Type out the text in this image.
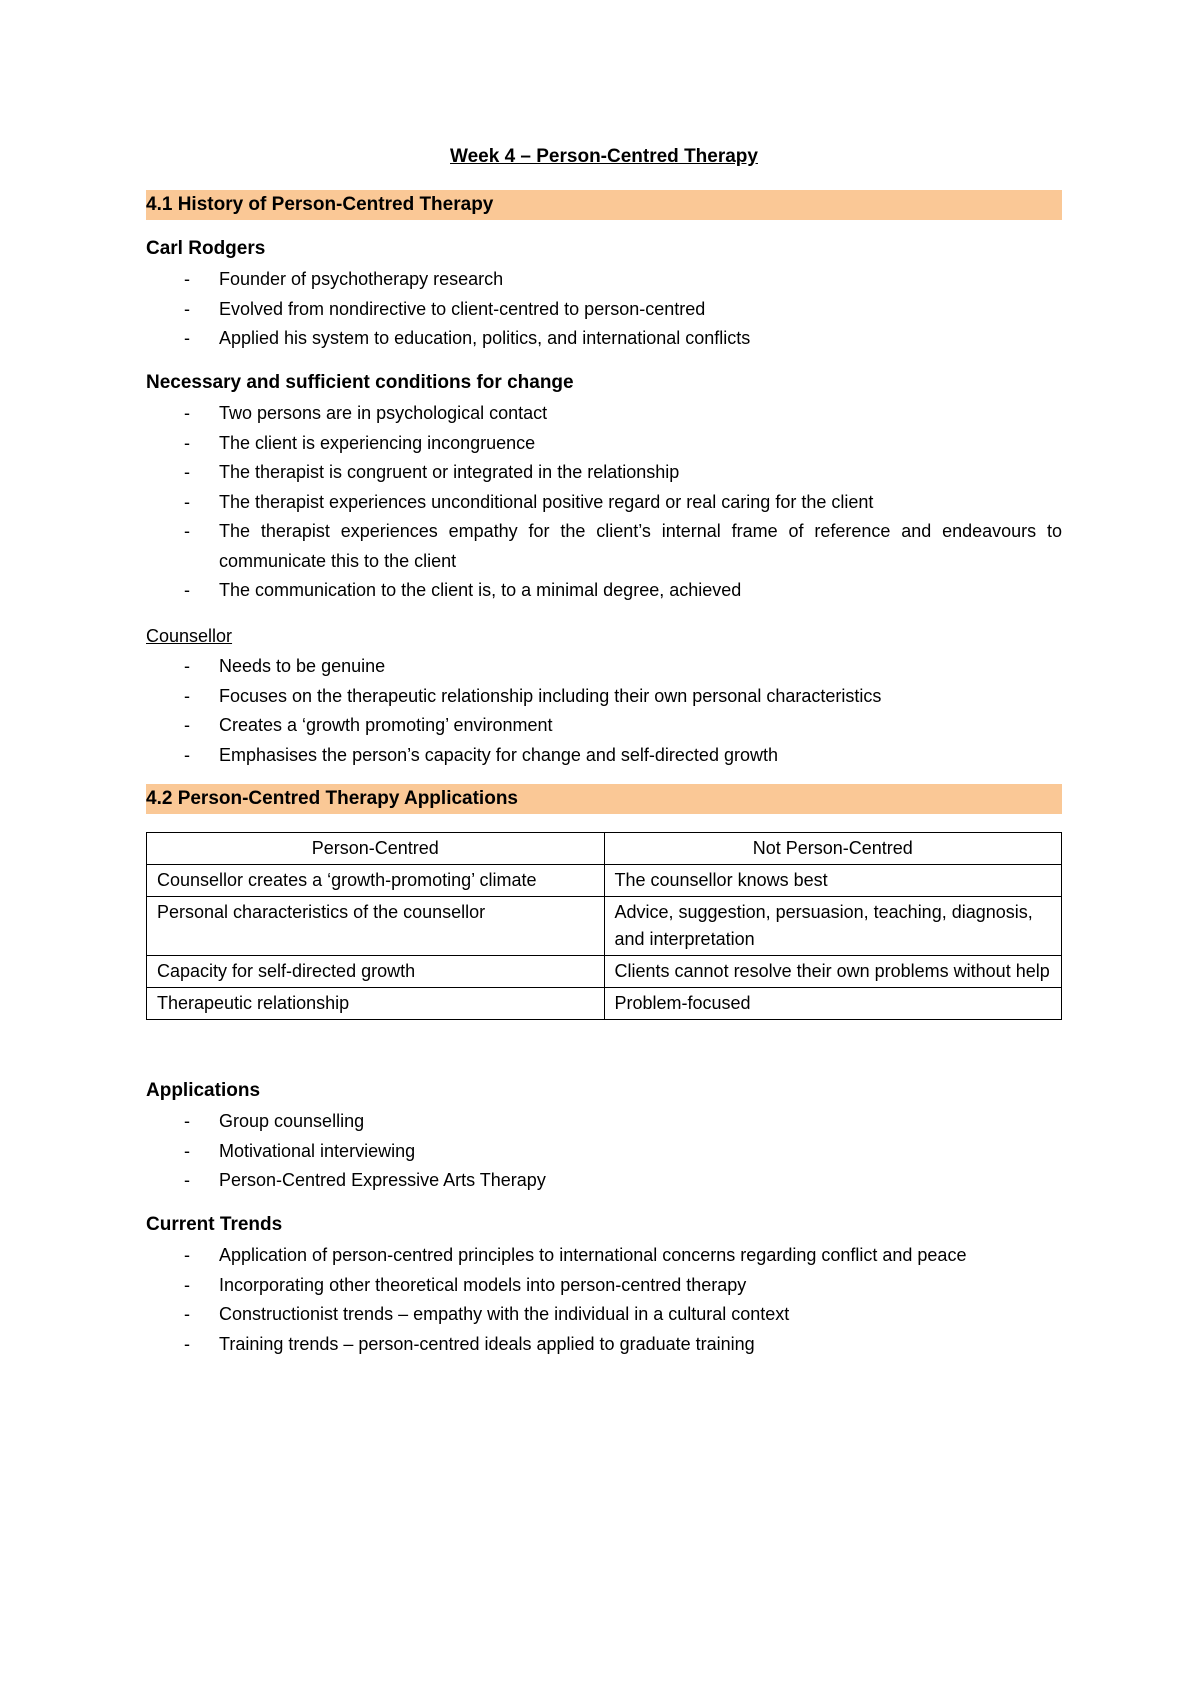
Week 4 – Person-Centred Therapy
4.1 History of Person-Centred Therapy
Carl Rodgers
- Founder of psychotherapy research
- Evolved from nondirective to client-centred to person-centred
- Applied his system to education, politics, and international conflicts
Necessary and sufficient conditions for change
- Two persons are in psychological contact
- The client is experiencing incongruence
- The therapist is congruent or integrated in the relationship
- The therapist experiences unconditional positive regard or real caring for the client
- The therapist experiences empathy for the client’s internal frame of reference and endeavours to communicate this to the client
- The communication to the client is, to a minimal degree, achieved
Counsellor
- Needs to be genuine
- Focuses on the therapeutic relationship including their own personal characteristics
- Creates a ‘growth promoting’ environment
- Emphasises the person’s capacity for change and self-directed growth
4.2 Person-Centred Therapy Applications
Person-Centred	Not Person-Centred
Counsellor creates a ‘growth-promoting’ climate	The counsellor knows best
Personal characteristics of the counsellor	Advice, suggestion, persuasion, teaching, diagnosis, and interpretation
Capacity for self-directed growth	Clients cannot resolve their own problems without help
Therapeutic relationship	Problem-focused
Applications
- Group counselling
- Motivational interviewing
- Person-Centred Expressive Arts Therapy
Current Trends
- Application of person-centred principles to international concerns regarding conflict and peace
- Incorporating other theoretical models into person-centred therapy
- Constructionist trends – empathy with the individual in a cultural context
- Training trends – person-centred ideals applied to graduate training
